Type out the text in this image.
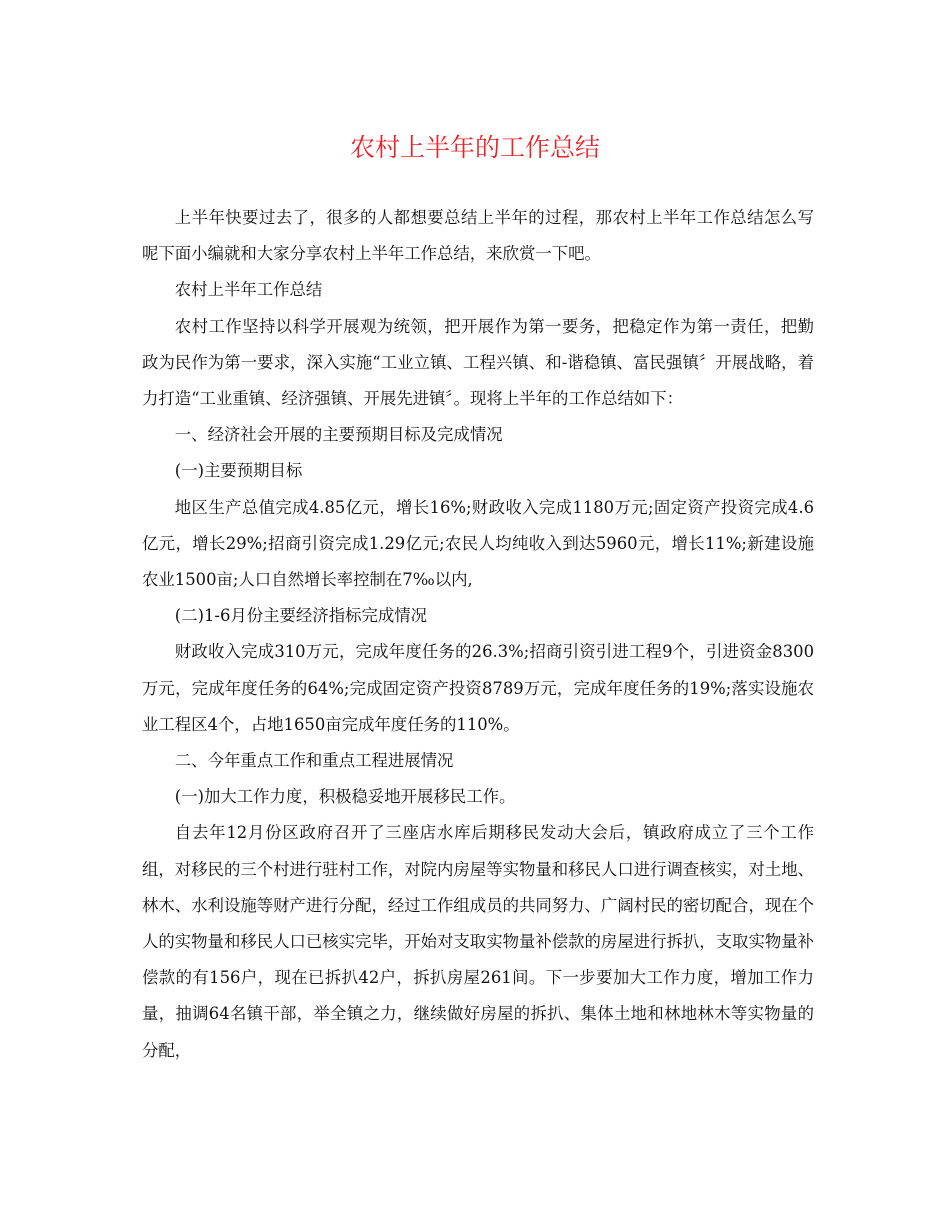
农村上半年的工作总结

上半年快要过去了，很多的人都想要总结上半年的过程，那农村上半年工作总结怎么写呢下面小编就和大家分享农村上半年工作总结，来欣赏一下吧。

农村上半年工作总结

农村工作坚持以科学开展观为统领，把开展作为第一要务，把稳定作为第一责任，把勤政为民作为第一要求，深入实施“工业立镇、工程兴镇、和-谐稳镇、富民强镇〞开展战略，着力打造“工业重镇、经济强镇、开展先进镇〞。现将上半年的工作总结如下：

一、经济社会开展的主要预期目标及完成情况

(一)主要预期目标

地区生产总值完成4.85亿元，增长16%;财政收入完成1180万元;固定资产投资完成4.6亿元，增长29%;招商引资完成1.29亿元;农民人均纯收入到达5960元，增长11%;新建设施农业1500亩;人口自然增长率控制在7‰以内,

(二)1-6月份主要经济指标完成情况

财政收入完成310万元，完成年度任务的26.3%;招商引资引进工程9个，引进资金8300万元，完成年度任务的64%;完成固定资产投资8789万元，完成年度任务的19%;落实设施农业工程区4个，占地1650亩完成年度任务的110%。

二、今年重点工作和重点工程进展情况

(一)加大工作力度，积极稳妥地开展移民工作。

自去年12月份区政府召开了三座店水库后期移民发动大会后，镇政府成立了三个工作组，对移民的三个村进行驻村工作，对院内房屋等实物量和移民人口进行调查核实，对土地、林木、水利设施等财产进行分配，经过工作组成员的共同努力、广阔村民的密切配合，现在个人的实物量和移民人口已核实完毕，开始对支取实物量补偿款的房屋进行拆扒，支取实物量补偿款的有156户，现在已拆扒42户，拆扒房屋261间。下一步要加大工作力度，增加工作力量，抽调64名镇干部，举全镇之力，继续做好房屋的拆扒、集体土地和林地林木等实物量的分配，
